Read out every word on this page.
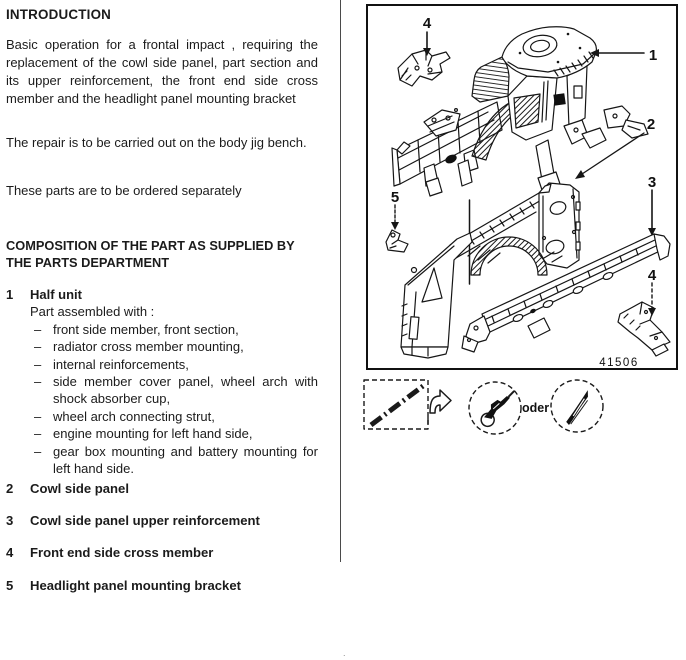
INTRODUCTION
Basic operation for a frontal impact , requiring the replacement of the cowl side panel, part section and its upper reinforcement, the front end side cross member and the headlight panel mounting bracket
The repair is to be carried out on the body jig bench.
These parts are to be ordered separately
COMPOSITION OF THE PART AS SUPPLIED BY THE PARTS DEPARTMENT
1	Half unit
Part assembled with :
– front side member, front section,
– radiator cross member mounting,
– internal reinforcements,
– side member cover panel, wheel arch with shock absorber cup,
– wheel arch connecting strut,
– engine mounting for left hand side,
– gear box mounting and battery mounting for left hand side.
2	Cowl side panel
3	Cowl side panel upper reinforcement
4	Front end side cross member
5	Headlight panel mounting bracket
1
2
3
4
4
5
41506
oder
.
